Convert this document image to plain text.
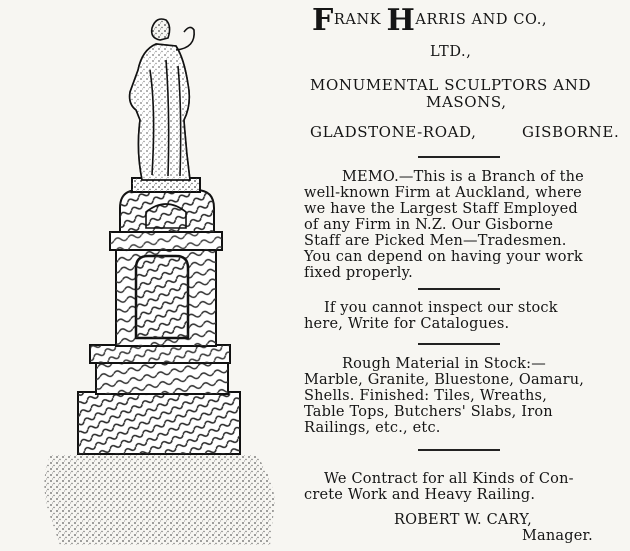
FRANK HARRIS AND CO.,
LTD.,
MONUMENTAL SCULPTORS AND
MASONS,
GLADSTONE-ROAD,	GISBORNE.
MEMO.—This is a Branch of the
well-known Firm at Auckland, where
we have the Largest Staff Employed
of any Firm in N.Z. Our Gisborne
Staff are Picked Men—Tradesmen.
You can depend on having your work
fixed properly.
If you cannot inspect our stock
here, Write for Catalogues.
Rough Material in Stock:—
Marble, Granite, Bluestone, Oamaru,
Shells. Finished: Tiles, Wreaths,
Table Tops, Butchers' Slabs, Iron
Railings, etc., etc.
We Contract for all Kinds of Con-
crete Work and Heavy Railing.
ROBERT W. CARY,
Manager.
